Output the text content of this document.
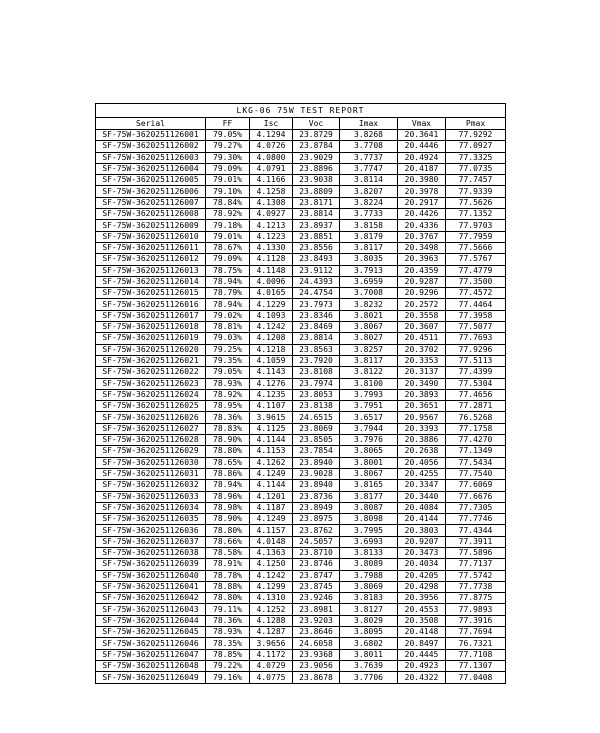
LKG-06 75W TEST REPORT						
Serial	FF	Isc	Voc	Imax	Vmax	Pmax
SF-75W-3620251126001	79.05%	4.1294	23.8729	3.8268	20.3641	77.9292
SF-75W-3620251126002	79.27%	4.0726	23.8784	3.7708	20.4446	77.0927
SF-75W-3620251126003	79.30%	4.0800	23.9029	3.7737	20.4924	77.3325
SF-75W-3620251126004	79.09%	4.0791	23.8896	3.7747	20.4187	77.0735
SF-75W-3620251126005	79.01%	4.1166	23.9038	3.8114	20.3980	77.7457
SF-75W-3620251126006	79.10%	4.1258	23.8809	3.8207	20.3978	77.9339
SF-75W-3620251126007	78.84%	4.1308	23.8171	3.8224	20.2917	77.5626
SF-75W-3620251126008	78.92%	4.0927	23.8814	3.7733	20.4426	77.1352
SF-75W-3620251126009	79.18%	4.1213	23.8937	3.8158	20.4336	77.9703
SF-75W-3620251126010	79.01%	4.1223	23.8851	3.8179	20.3767	77.7959
SF-75W-3620251126011	78.67%	4.1330	23.8556	3.8117	20.3498	77.5666
SF-75W-3620251126012	79.09%	4.1128	23.8493	3.8035	20.3963	77.5767
SF-75W-3620251126013	78.75%	4.1148	23.9112	3.7913	20.4359	77.4779
SF-75W-3620251126014	78.94%	4.0096	24.4393	3.6959	20.9287	77.3500
SF-75W-3620251126015	78.79%	4.0165	24.4754	3.7008	20.9296	77.4572
SF-75W-3620251126016	78.94%	4.1229	23.7973	3.8232	20.2572	77.4464
SF-75W-3620251126017	79.02%	4.1093	23.8346	3.8021	20.3558	77.3958
SF-75W-3620251126018	78.81%	4.1242	23.8469	3.8067	20.3607	77.5077
SF-75W-3620251126019	79.03%	4.1208	23.8814	3.8027	20.4511	77.7693
SF-75W-3620251126020	79.25%	4.1218	23.8563	3.8257	20.3702	77.9296
SF-75W-3620251126021	79.35%	4.1059	23.7920	3.8117	20.3353	77.5113
SF-75W-3620251126022	79.05%	4.1143	23.8108	3.8122	20.3137	77.4399
SF-75W-3620251126023	78.93%	4.1276	23.7974	3.8100	20.3490	77.5304
SF-75W-3620251126024	78.92%	4.1235	23.8053	3.7993	20.3893	77.4656
SF-75W-3620251126025	78.95%	4.1107	23.8138	3.7951	20.3651	77.2871
SF-75W-3620251126026	78.36%	3.9615	24.6515	3.6517	20.9567	76.5268
SF-75W-3620251126027	78.83%	4.1125	23.8069	3.7944	20.3393	77.1758
SF-75W-3620251126028	78.90%	4.1144	23.8505	3.7976	20.3886	77.4270
SF-75W-3620251126029	78.80%	4.1153	23.7854	3.8065	20.2638	77.1349
SF-75W-3620251126030	78.65%	4.1262	23.8940	3.8001	20.4056	77.5434
SF-75W-3620251126031	78.86%	4.1249	23.9028	3.8067	20.4255	77.7540
SF-75W-3620251126032	78.94%	4.1144	23.8940	3.8165	20.3347	77.6069
SF-75W-3620251126033	78.96%	4.1201	23.8736	3.8177	20.3440	77.6676
SF-75W-3620251126034	78.98%	4.1187	23.8949	3.8087	20.4084	77.7305
SF-75W-3620251126035	78.90%	4.1249	23.8975	3.8098	20.4144	77.7746
SF-75W-3620251126036	78.80%	4.1157	23.8762	3.7995	20.3803	77.4344
SF-75W-3620251126037	78.66%	4.0148	24.5057	3.6993	20.9207	77.3911
SF-75W-3620251126038	78.58%	4.1363	23.8710	3.8133	20.3473	77.5896
SF-75W-3620251126039	78.91%	4.1250	23.8746	3.8089	20.4034	77.7137
SF-75W-3620251126040	78.78%	4.1242	23.8747	3.7988	20.4205	77.5742
SF-75W-3620251126041	78.88%	4.1299	23.8745	3.8069	20.4298	77.7738
SF-75W-3620251126042	78.80%	4.1310	23.9246	3.8183	20.3956	77.8775
SF-75W-3620251126043	79.11%	4.1252	23.8981	3.8127	20.4553	77.9893
SF-75W-3620251126044	78.36%	4.1288	23.9203	3.8029	20.3508	77.3916
SF-75W-3620251126045	78.93%	4.1287	23.8646	3.8095	20.4148	77.7694
SF-75W-3620251126046	78.35%	3.9656	24.6058	3.6802	20.8497	76.7321
SF-75W-3620251126047	78.85%	4.1172	23.9368	3.8011	20.4445	77.7108
SF-75W-3620251126048	79.22%	4.0729	23.9056	3.7639	20.4923	77.1307
SF-75W-3620251126049	79.16%	4.0775	23.8678	3.7706	20.4322	77.0408
